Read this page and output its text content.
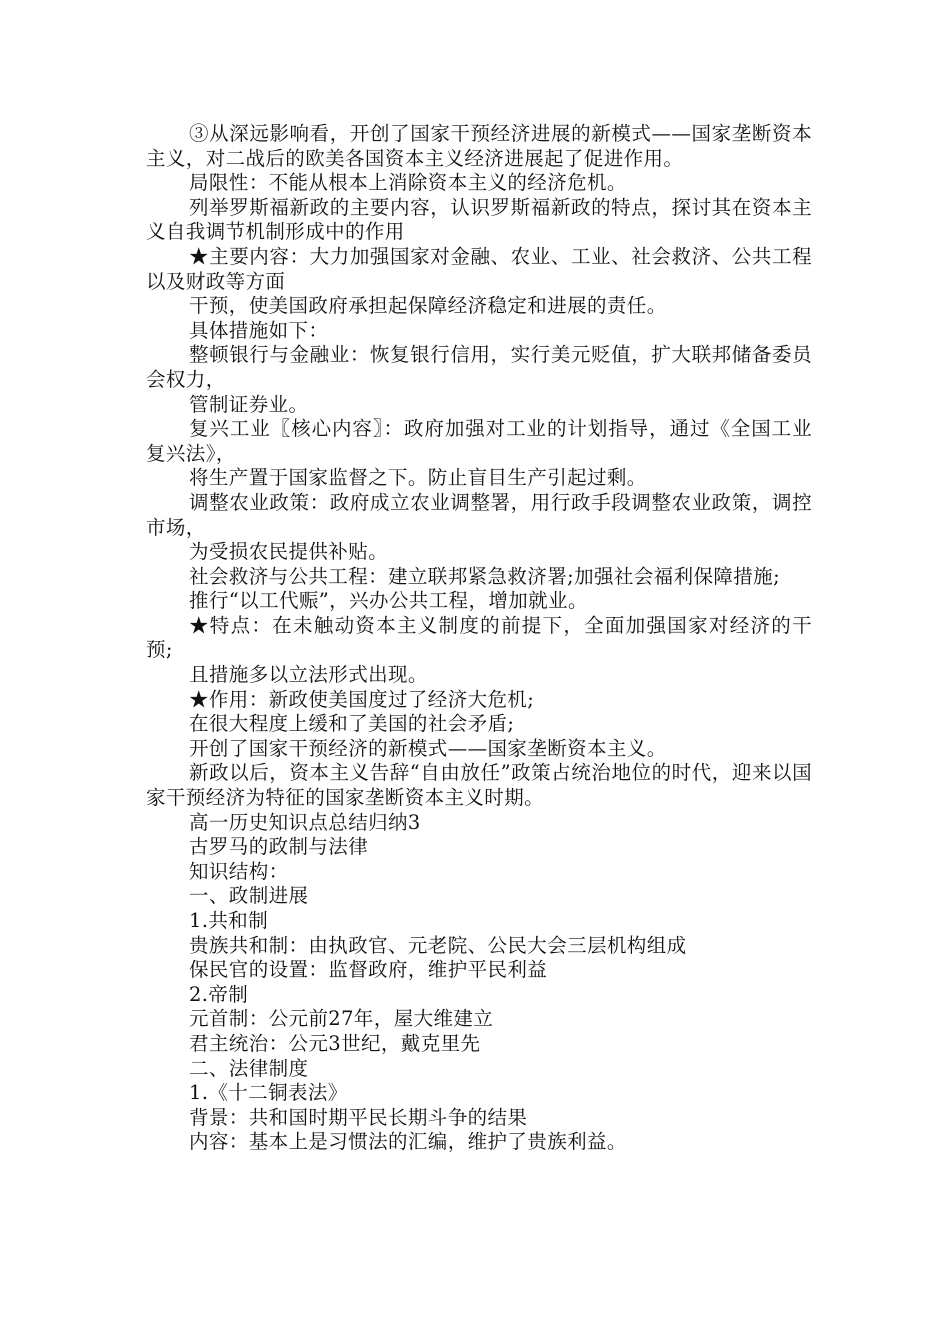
③从深远影响看，开创了国家干预经济进展的新模式——国家垄断资本主义，对二战后的欧美各国资本主义经济进展起了促进作用。

局限性：不能从根本上消除资本主义的经济危机。

列举罗斯福新政的主要内容，认识罗斯福新政的特点，探讨其在资本主义自我调节机制形成中的作用

★主要内容：大力加强国家对金融、农业、工业、社会救济、公共工程以及财政等方面

干预，使美国政府承担起保障经济稳定和进展的责任。

具体措施如下：

整顿银行与金融业：恢复银行信用，实行美元贬值，扩大联邦储备委员会权力，

管制证券业。

复兴工业〖核心内容〗：政府加强对工业的计划指导，通过《全国工业复兴法》，

将生产置于国家监督之下。防止盲目生产引起过剩。

调整农业政策：政府成立农业调整署，用行政手段调整农业政策，调控市场，

为受损农民提供补贴。

社会救济与公共工程：建立联邦紧急救济署;加强社会福利保障措施;

推行“以工代赈”，兴办公共工程，增加就业。

★特点：在未触动资本主义制度的前提下，全面加强国家对经济的干预;

且措施多以立法形式出现。

★作用：新政使美国度过了经济大危机;

在很大程度上缓和了美国的社会矛盾;

开创了国家干预经济的新模式——国家垄断资本主义。

新政以后，资本主义告辞“自由放任”政策占统治地位的时代，迎来以国家干预经济为特征的国家垄断资本主义时期。

高一历史知识点总结归纳3

古罗马的政制与法律

知识结构：

一、政制进展

1.共和制

贵族共和制：由执政官、元老院、公民大会三层机构组成

保民官的设置：监督政府，维护平民利益

2.帝制

元首制：公元前27年，屋大维建立

君主统治：公元3世纪，戴克里先

二、法律制度

1.《十二铜表法》

背景：共和国时期平民长期斗争的结果

内容：基本上是习惯法的汇编，维护了贵族利益。
